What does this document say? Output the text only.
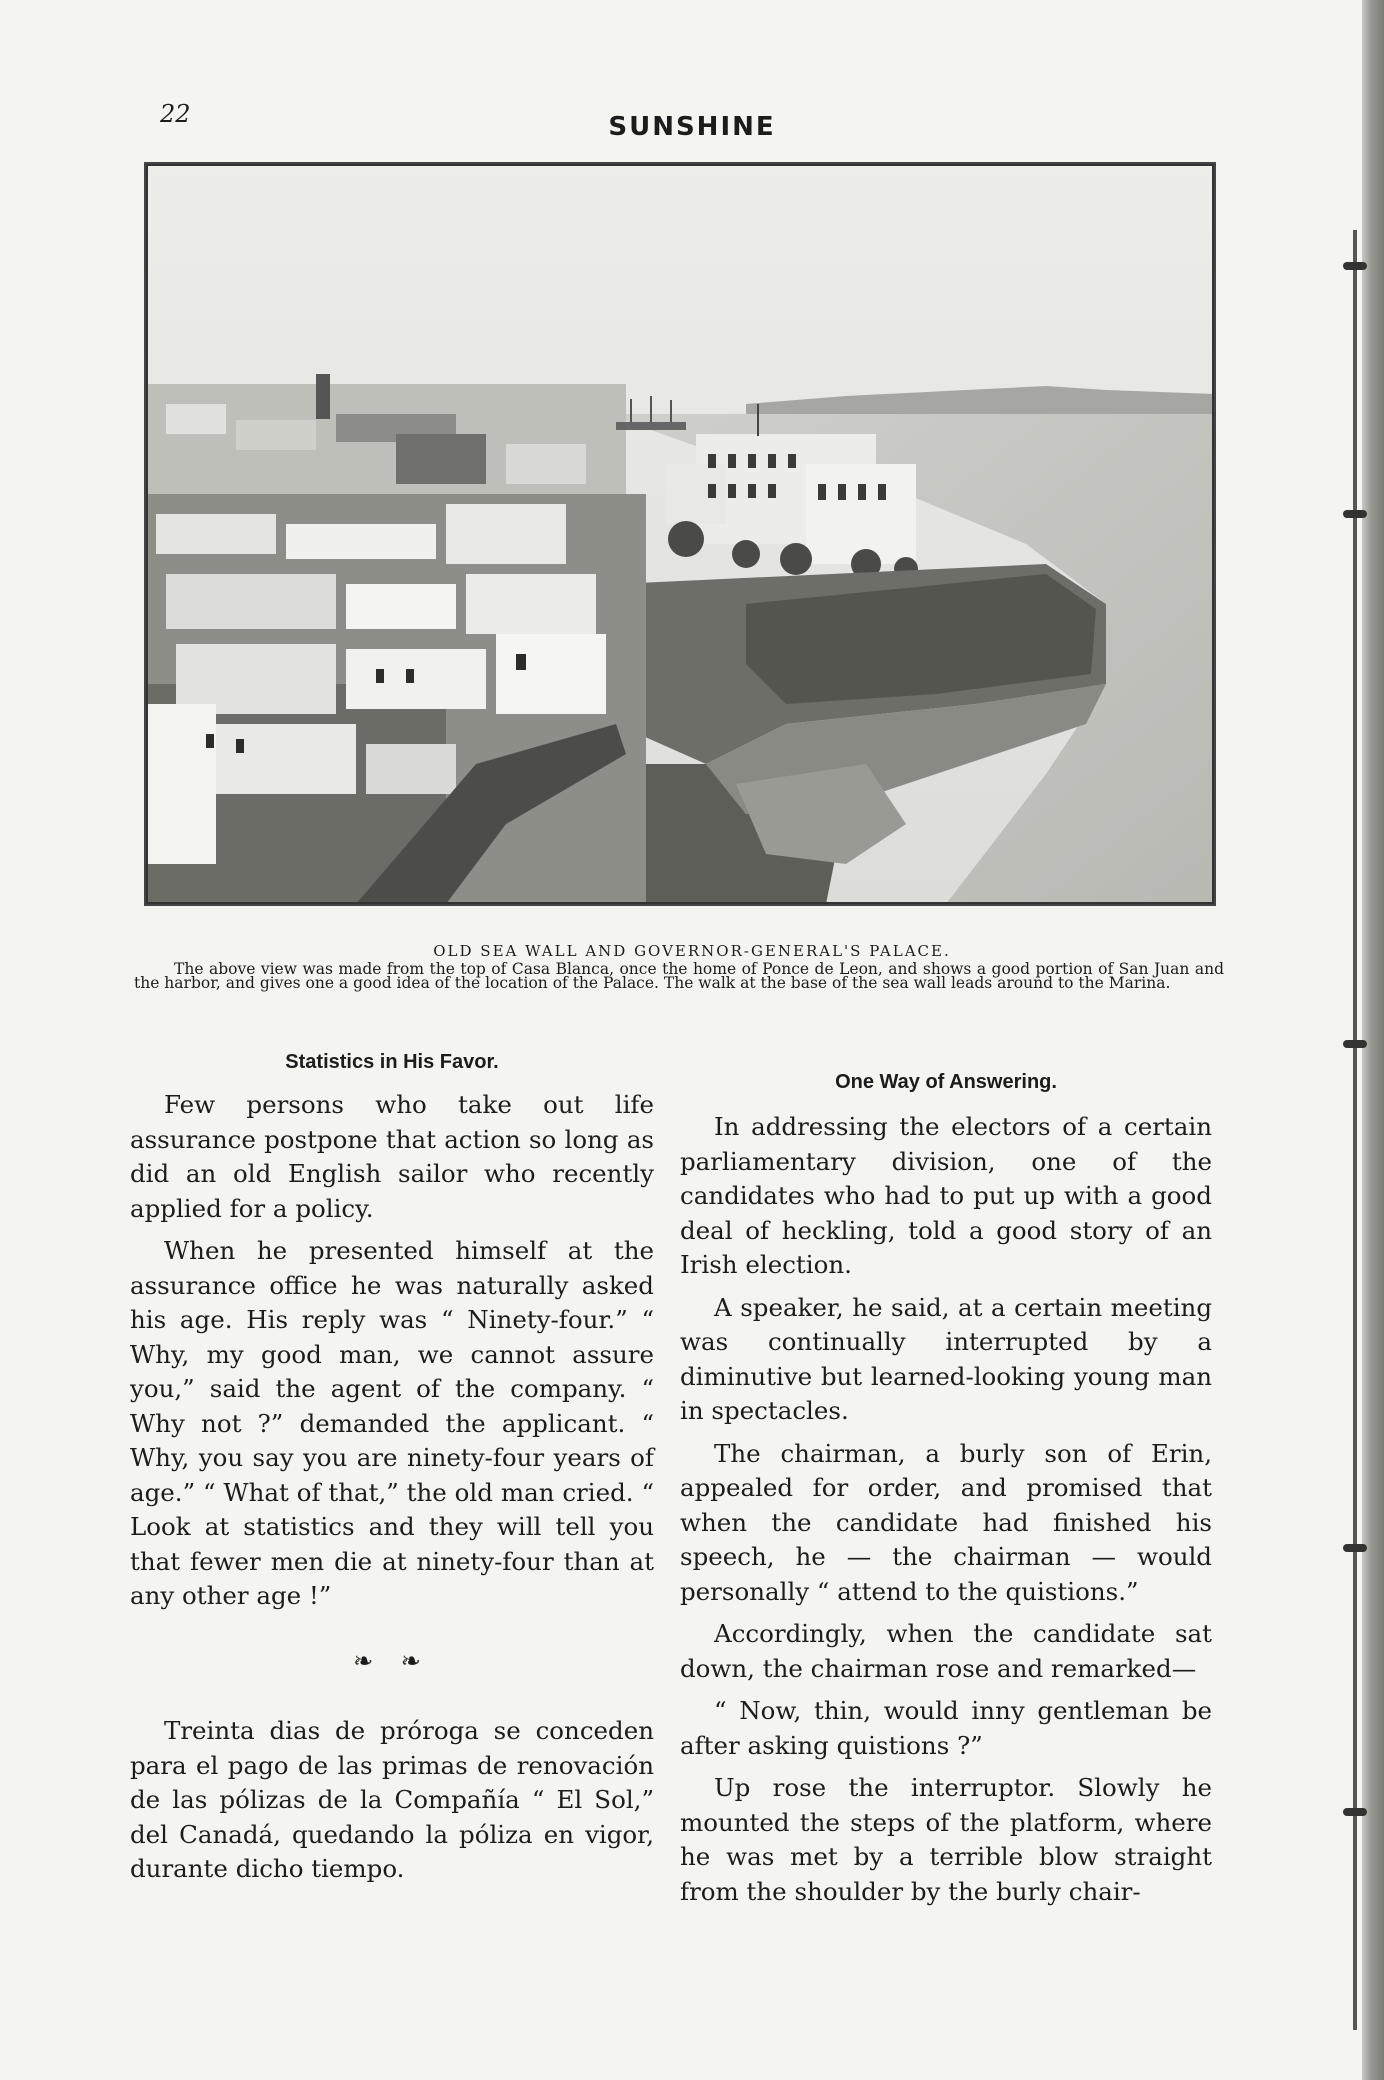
22	SUNSHINE
OLD SEA WALL AND GOVERNOR-GENERAL'S PALACE.
The above view was made from the top of Casa Blanca, once the home of Ponce de Leon, and shows a good portion of San Juan and the harbor, and gives one a good idea of the location of the Palace. The walk at the base of the sea wall leads around to the Marina.
Statistics in His Favor.

Few persons who take out life assurance postpone that action so long as did an old English sailor who recently applied for a policy.

When he presented himself at the assurance office he was naturally asked his age. His reply was “ Ninety-four.” “ Why, my good man, we cannot assure you,” said the agent of the company. “ Why not ?” demanded the applicant. “ Why, you say you are ninety-four years of age.” “ What of that,” the old man cried. “ Look at statistics and they will tell you that fewer men die at ninety-four than at any other age !”

❧ ❧

Treinta dias de próroga se conceden para el pago de las primas de renovación de las pólizas de la Compañía “ El Sol,” del Canadá, quedando la póliza en vigor, durante dicho tiempo.

One Way of Answering.

In addressing the electors of a certain parliamentary division, one of the candidates who had to put up with a good deal of heckling, told a good story of an Irish election.

A speaker, he said, at a certain meeting was continually interrupted by a diminutive but learned-looking young man in spectacles.

The chairman, a burly son of Erin, appealed for order, and promised that when the candidate had finished his speech, he — the chairman — would personally “ attend to the quistions.”

Accordingly, when the candidate sat down, the chairman rose and remarked—

“ Now, thin, would inny gentleman be after asking quistions ?”

Up rose the interruptor. Slowly he mounted the steps of the platform, where he was met by a terrible blow straight from the shoulder by the burly chair-
